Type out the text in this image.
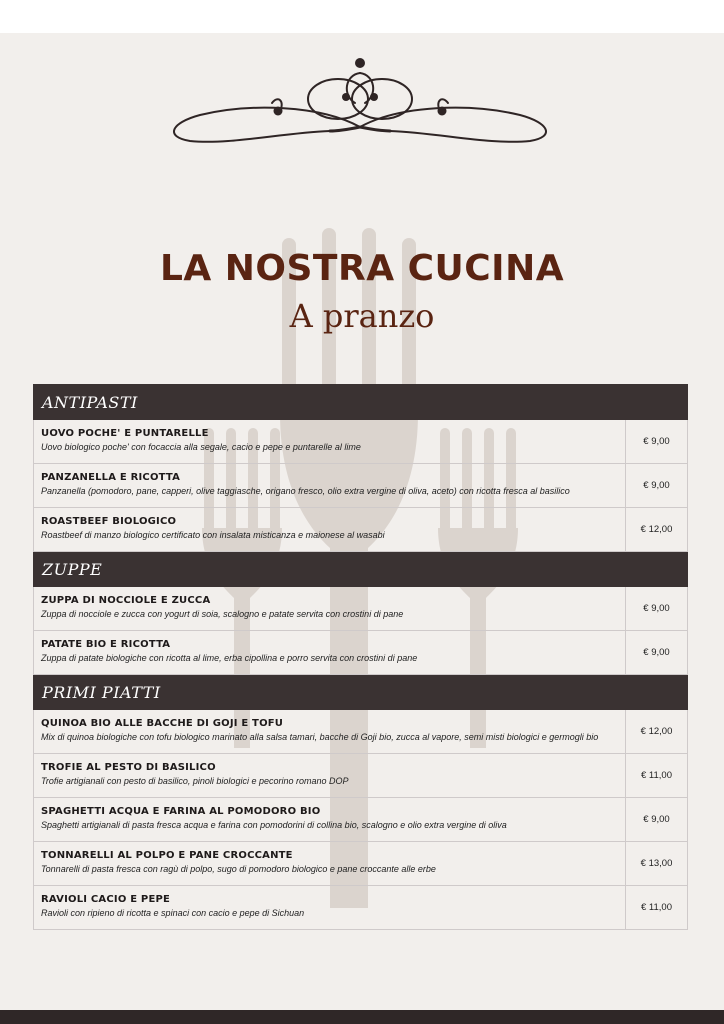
LA NOSTRA CUCINA
A pranzo
ANTIPASTI	

UOVO POCHE' E PUNTARELLE
Uovo biologico poche' con focaccia alla segale, cacio e pepe e puntarelle al lime	€ 9,00

PANZANELLA E RICOTTA
Panzanella (pomodoro, pane, capperi, olive taggiasche, origano fresco, olio extra vergine di oliva, aceto) con ricotta fresca al basilico	€ 9,00

ROASTBEEF BIOLOGICO
Roastbeef di manzo biologico certificato con insalata misticanza e maionese al wasabi	€ 12,00
ZUPPE	

ZUPPA DI NOCCIOLE E ZUCCA
Zuppa di nocciole e zucca con yogurt di soia, scalogno e patate servita con crostini di pane	€ 9,00

PATATE BIO E RICOTTA
Zuppa di patate biologiche con ricotta al lime, erba cipollina e porro servita con crostini di pane	€ 9,00
PRIMI PIATTI	

QUINOA BIO ALLE BACCHE DI GOJI E TOFU
Mix di quinoa biologiche con tofu biologico marinato alla salsa tamari, bacche di Goji bio, zucca al vapore, semi misti biologici e germogli bio	€ 12,00

TROFIE AL PESTO DI BASILICO
Trofie artigianali con pesto di basilico, pinoli biologici e pecorino romano DOP	€ 11,00

SPAGHETTI ACQUA E FARINA AL POMODORO BIO
Spaghetti artigianali di pasta fresca acqua e farina con pomodorini di collina bio, scalogno e olio extra vergine di oliva	€ 9,00

TONNARELLI AL POLPO E PANE CROCCANTE
Tonnarelli di pasta fresca con ragù di polpo, sugo di pomodoro biologico e pane croccante alle erbe	€ 13,00

RAVIOLI CACIO E PEPE
Ravioli con ripieno di ricotta e spinaci con cacio e pepe di Sichuan	€ 11,00
